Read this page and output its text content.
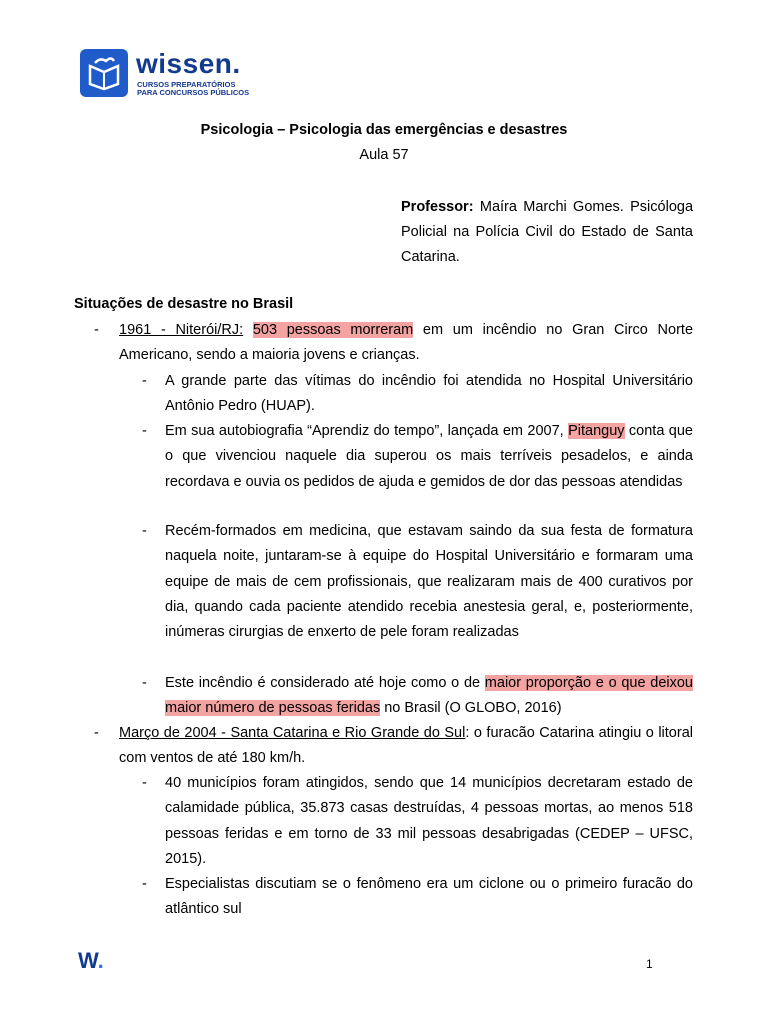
wissen.
CURSOS PREPARATÓRIOS
PARA CONCURSOS PÚBLICOS
Psicologia – Psicologia das emergências e desastres
Aula 57
Professor: Maíra Marchi Gomes. Psicóloga Policial na Polícia Civil do Estado de Santa Catarina.
Situações de desastre no Brasil
- 1961 - Niterói/RJ: 503 pessoas morreram em um incêndio no Gran Circo Norte Americano, sendo a maioria jovens e crianças.
- A grande parte das vítimas do incêndio foi atendida no Hospital Universitário Antônio Pedro (HUAP).
- Em sua autobiografia “Aprendiz do tempo”, lançada em 2007, Pitanguy conta que o que vivenciou naquele dia superou os mais terríveis pesadelos, e ainda recordava e ouvia os pedidos de ajuda e gemidos de dor das pessoas atendidas
- Recém-formados em medicina, que estavam saindo da sua festa de formatura naquela noite, juntaram-se à equipe do Hospital Universitário e formaram uma equipe de mais de cem profissionais, que realizaram mais de 400 curativos por dia, quando cada paciente atendido recebia anestesia geral, e, posteriormente, inúmeras cirurgias de enxerto de pele foram realizadas
- Este incêndio é considerado até hoje como o de maior proporção e o que deixou maior número de pessoas feridas no Brasil (O GLOBO, 2016)
- Março de 2004 - Santa Catarina e Rio Grande do Sul: o furacão Catarina atingiu o litoral com ventos de até 180 km/h.
- 40 municípios foram atingidos, sendo que 14 municípios decretaram estado de calamidade pública, 35.873 casas destruídas, 4 pessoas mortas, ao menos 518 pessoas feridas e em torno de 33 mil pessoas desabrigadas (CEDEP – UFSC, 2015).
- Especialistas discutiam se o fenômeno era um ciclone ou o primeiro furacão do atlântico sul
W.	1
